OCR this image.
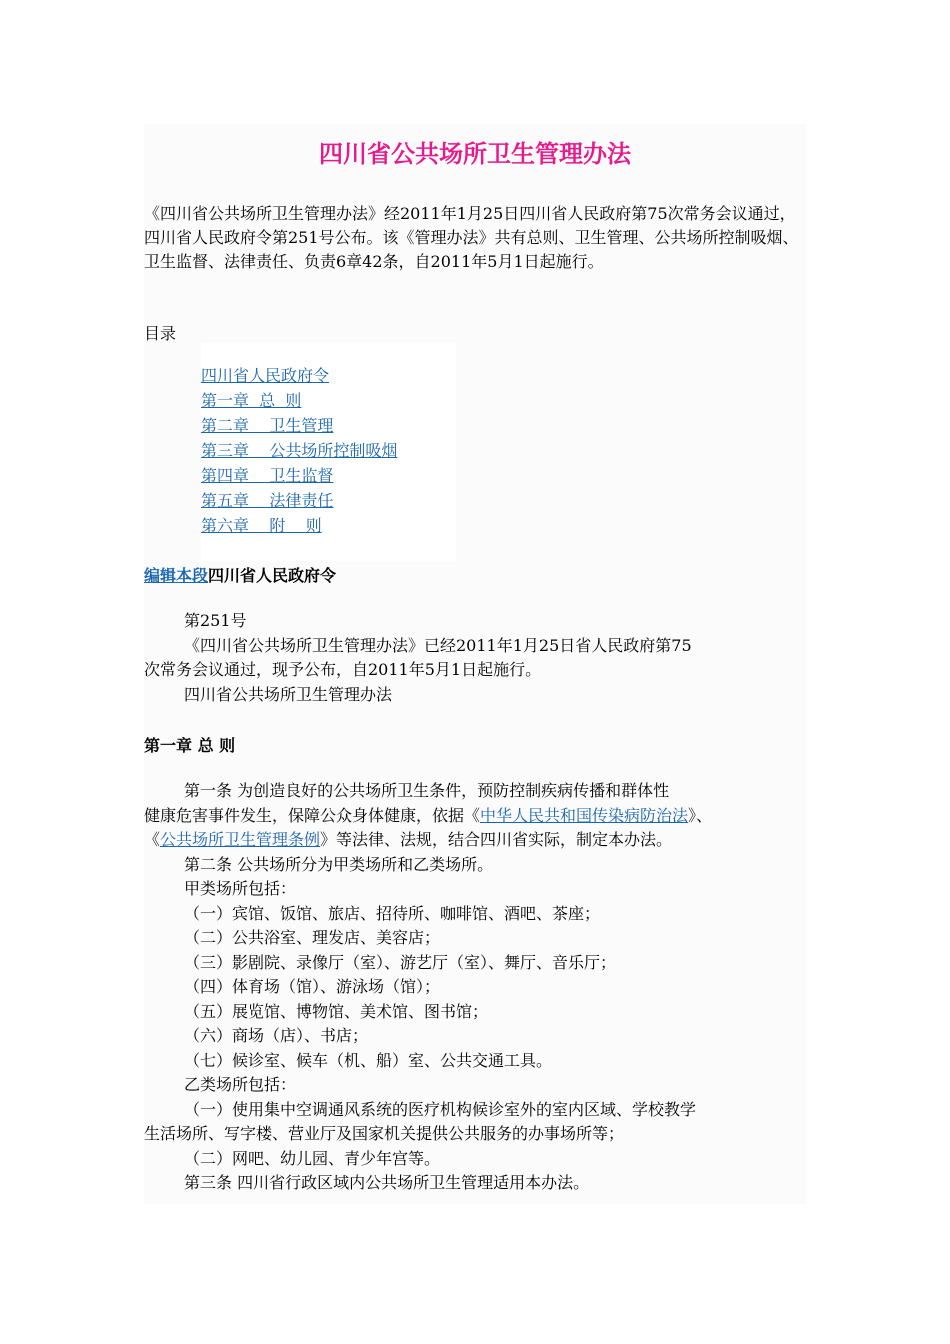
四川省公共场所卫生管理办法
《四川省公共场所卫生管理办法》经2011年1月25日四川省人民政府第75次常务会议通过，四川省人民政府令第251号公布。该《管理办法》共有总则、卫生管理、公共场所控制吸烟、卫生监督、法律责任、负责6章42条，自2011年5月1日起施行。
目录
四川省人民政府令
第一章  总  则
第二章    卫生管理
第三章    公共场所控制吸烟
第四章    卫生监督
第五章    法律责任
第六章    附    则
编辑本段四川省人民政府令
第251号
《四川省公共场所卫生管理办法》已经2011年1月25日省人民政府第75
次常务会议通过，现予公布，自2011年5月1日起施行。
四川省公共场所卫生管理办法
第一章 总 则
第一条 为创造良好的公共场所卫生条件，预防控制疾病传播和群体性
健康危害事件发生，保障公众身体健康，依据《中华人民共和国传染病防治法》、
《公共场所卫生管理条例》等法律、法规，结合四川省实际，制定本办法。
第二条 公共场所分为甲类场所和乙类场所。
甲类场所包括：
（一）宾馆、饭馆、旅店、招待所、咖啡馆、酒吧、茶座；
（二）公共浴室、理发店、美容店；
（三）影剧院、录像厅（室）、游艺厅（室）、舞厅、音乐厅；
（四）体育场（馆）、游泳场（馆）；
（五）展览馆、博物馆、美术馆、图书馆；
（六）商场（店）、书店；
（七）候诊室、候车（机、船）室、公共交通工具。
乙类场所包括：
（一）使用集中空调通风系统的医疗机构候诊室外的室内区域、学校教学
生活场所、写字楼、营业厅及国家机关提供公共服务的办事场所等；
（二）网吧、幼儿园、青少年宫等。
第三条 四川省行政区域内公共场所卫生管理适用本办法。
